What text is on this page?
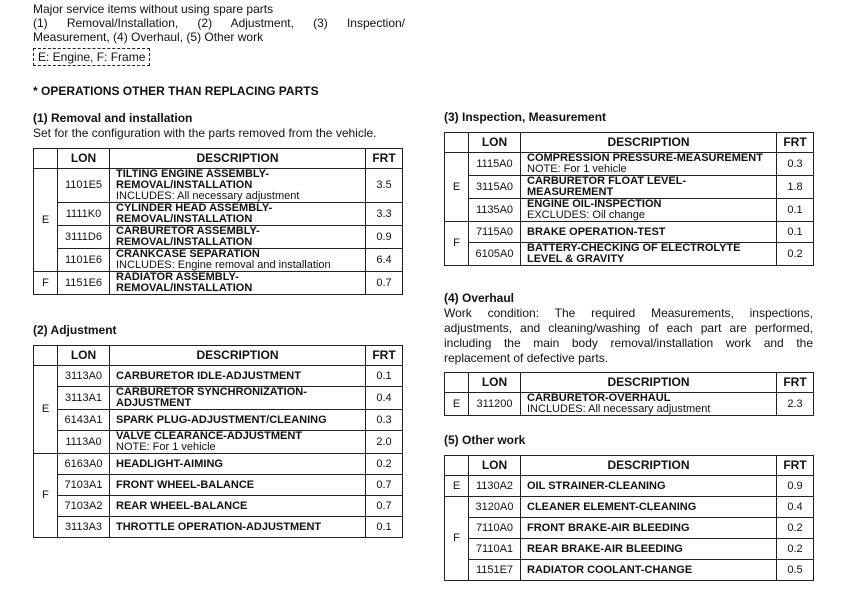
Major service items without using spare parts
(1) Removal/Installation, (2) Adjustment, (3) Inspection/
Measurement, (4) Overhaul, (5) Other work
E: Engine, F: Frame
* OPERATIONS OTHER THAN REPLACING PARTS
(1) Removal and installation
Set for the configuration with the parts removed from the vehicle.
	LON	DESCRIPTION	FRT
E	1101E5	TILTING ENGINE ASSEMBLY-
REMOVAL/INSTALLATION
INCLUDES: All necessary adjustment	3.5
	1111K0	CYLINDER HEAD ASSEMBLY-
REMOVAL/INSTALLATION	3.3
	3111D6	CARBURETOR ASSEMBLY-
REMOVAL/INSTALLATION	0.9
	1101E6	CRANKCASE SEPARATION
INCLUDES: Engine removal and installation	6.4
F	1151E6	RADIATOR ASSEMBLY-
REMOVAL/INSTALLATION	0.7
(2) Adjustment
	LON	DESCRIPTION	FRT
E	3113A0	CARBURETOR IDLE-ADJUSTMENT	0.1
	3113A1	CARBURETOR SYNCHRONIZATION-
ADJUSTMENT	0.4
	6143A1	SPARK PLUG-ADJUSTMENT/CLEANING	0.3
	1113A0	VALVE CLEARANCE-ADJUSTMENT
NOTE: For 1 vehicle	2.0
F	6163A0	HEADLIGHT-AIMING	0.2
	7103A1	FRONT WHEEL-BALANCE	0.7
	7103A2	REAR WHEEL-BALANCE	0.7
	3113A3	THROTTLE OPERATION-ADJUSTMENT	0.1
(3) Inspection, Measurement
	LON	DESCRIPTION	FRT
E	1115A0	COMPRESSION PRESSURE-MEASUREMENT
NOTE: For 1 vehicle	0.3
	3115A0	CARBURETOR FLOAT LEVEL-
MEASUREMENT	1.8
	1135A0	ENGINE OIL-INSPECTION
EXCLUDES: Oil change	0.1
F	7115A0	BRAKE OPERATION-TEST	0.1
	6105A0	BATTERY-CHECKING OF ELECTROLYTE
LEVEL & GRAVITY	0.2
(4) Overhaul
Work condition: The required Measurements, inspections, adjustments, and cleaning/washing of each part are performed, including the main body removal/installation work and the replacement of defective parts.
	LON	DESCRIPTION	FRT
E	311200	CARBURETOR-OVERHAUL
INCLUDES: All necessary adjustment	2.3
(5) Other work
	LON	DESCRIPTION	FRT
E	1130A2	OIL STRAINER-CLEANING	0.9
F	3120A0	CLEANER ELEMENT-CLEANING	0.4
	7110A0	FRONT BRAKE-AIR BLEEDING	0.2
	7110A1	REAR BRAKE-AIR BLEEDING	0.2
	1151E7	RADIATOR COOLANT-CHANGE	0.5
